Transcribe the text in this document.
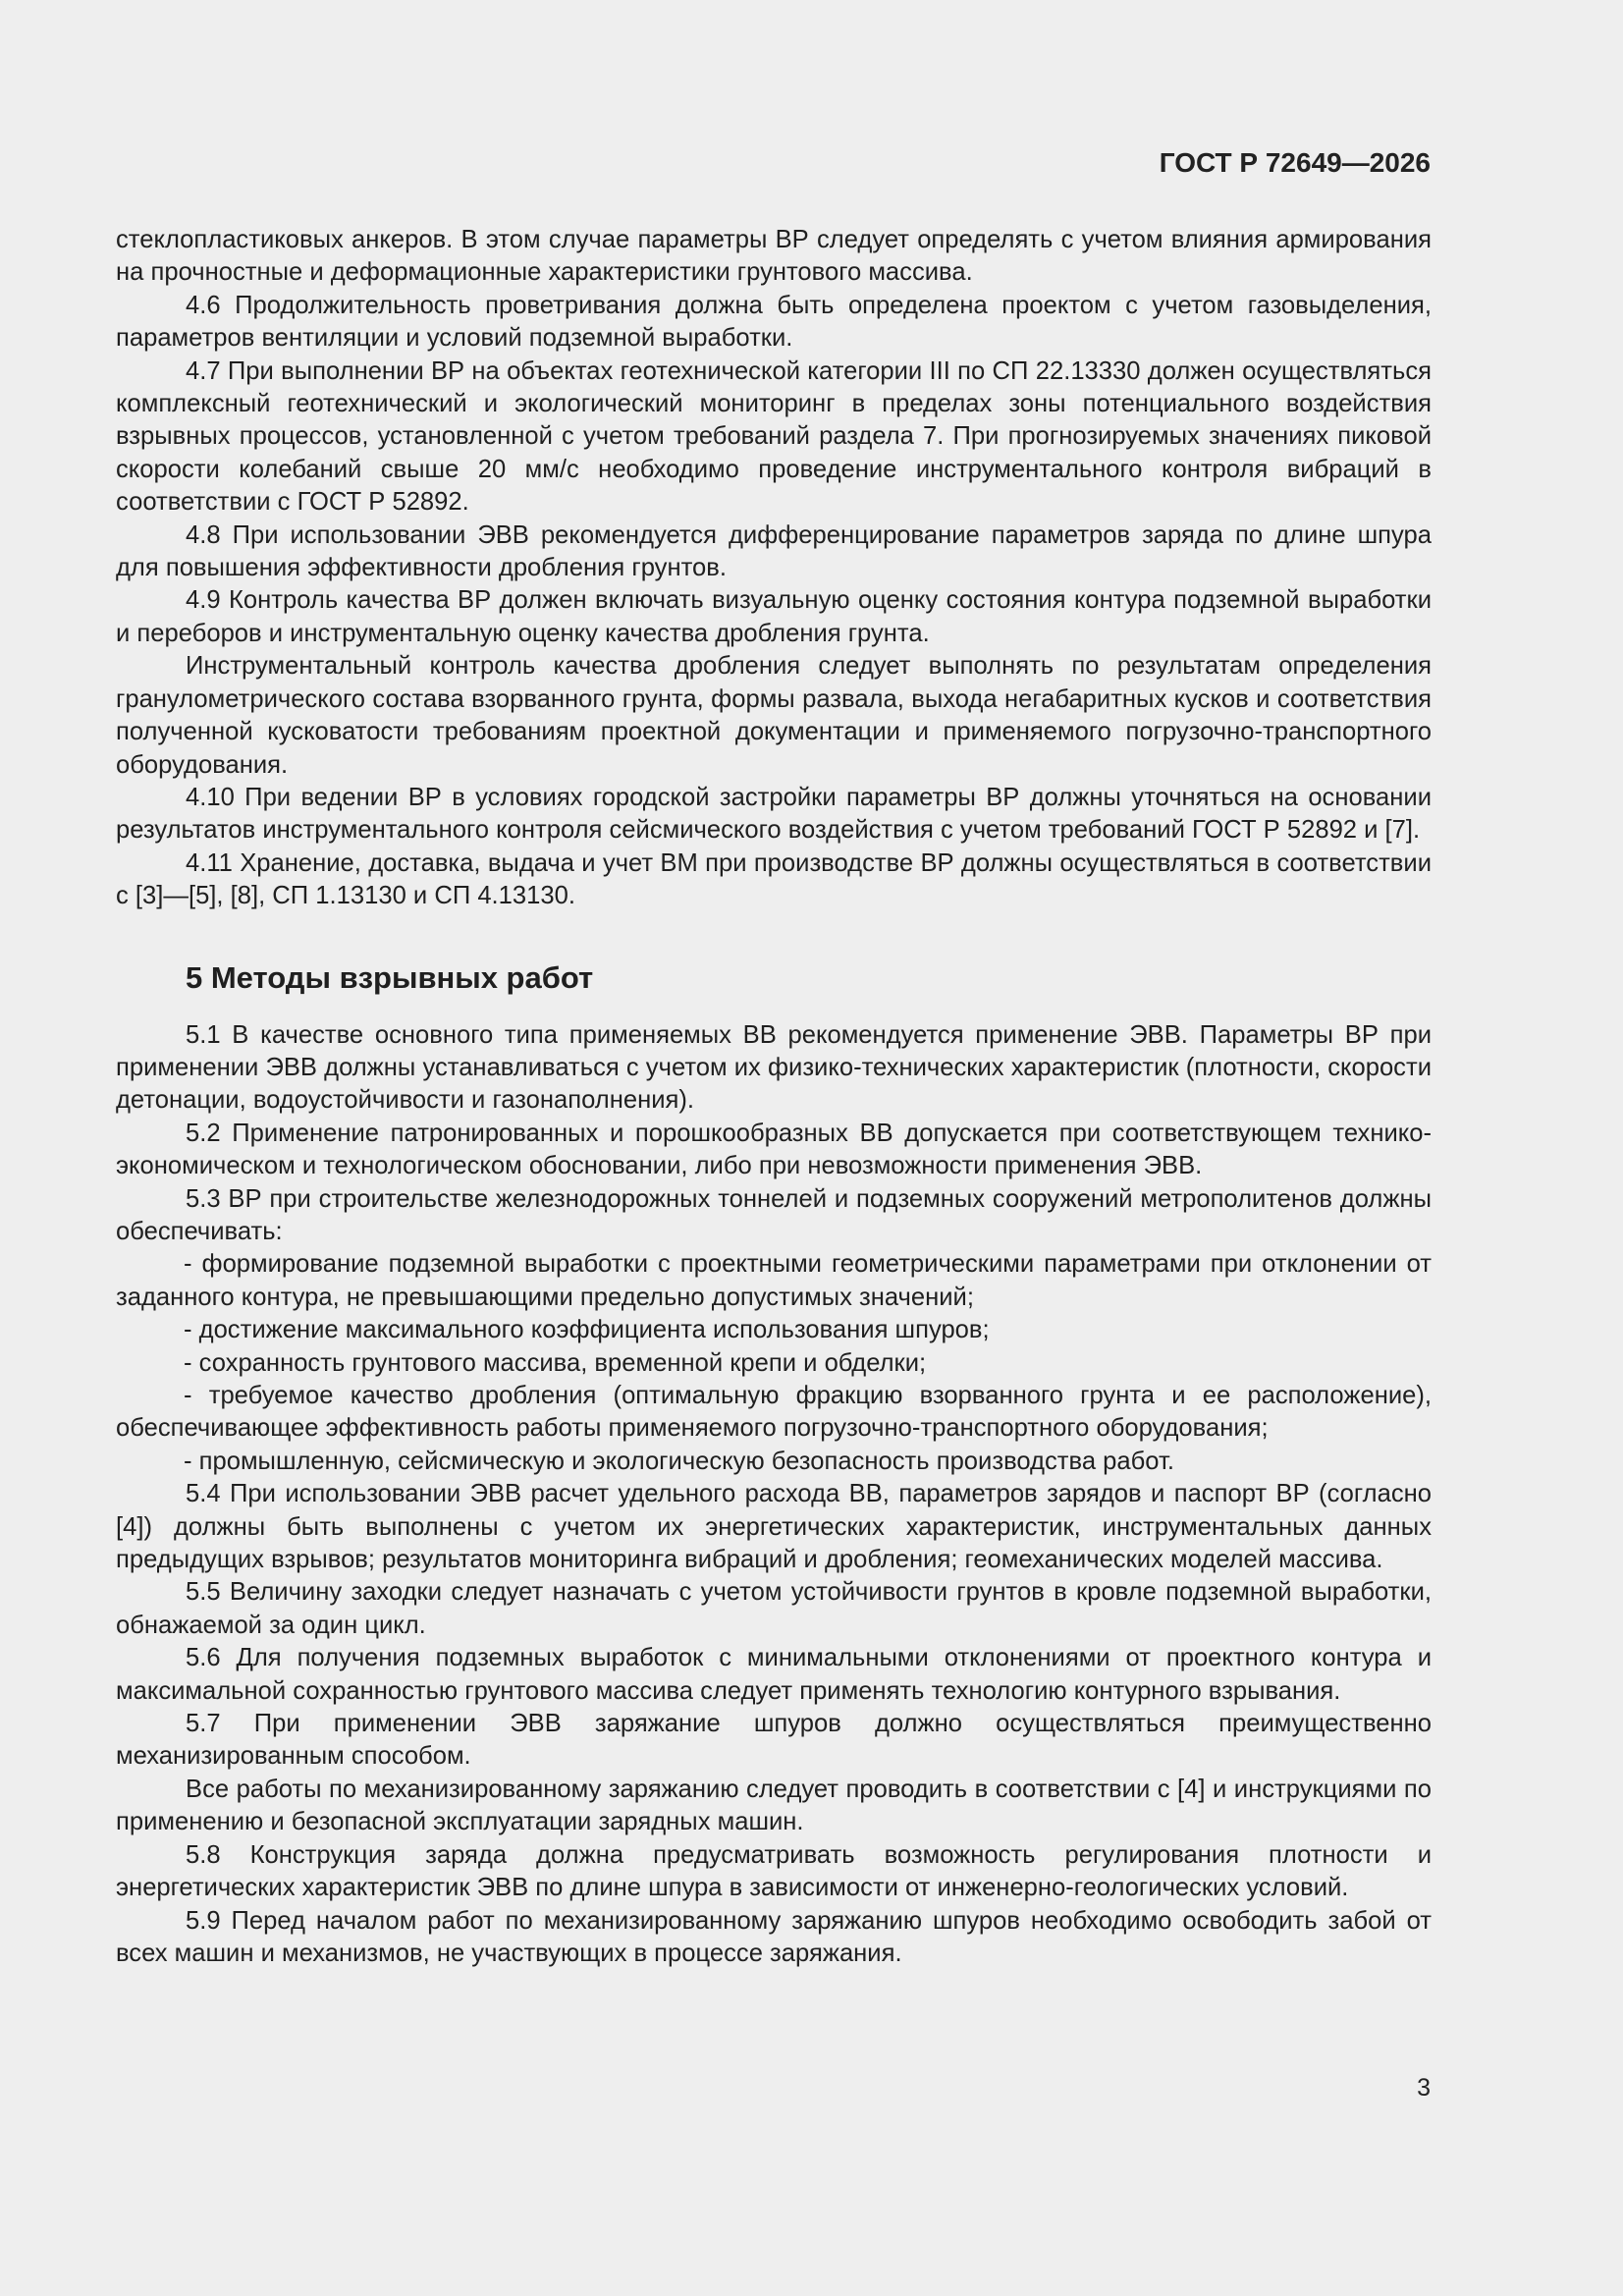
ГОСТ Р 72649—2026

стеклопластиковых анкеров. В этом случае параметры ВР следует определять с учетом влияния армирования на прочностные и деформационные характеристики грунтового массива.

4.6 Продолжительность проветривания должна быть определена проектом с учетом газовыделения, параметров вентиляции и условий подземной выработки.

4.7 При выполнении ВР на объектах геотехнической категории III по СП 22.13330 должен осуществляться комплексный геотехнический и экологический мониторинг в пределах зоны потенциального воздействия взрывных процессов, установленной с учетом требований раздела 7. При прогнозируемых значениях пиковой скорости колебаний свыше 20 мм/с необходимо проведение инструментального контроля вибраций в соответствии с ГОСТ Р 52892.

4.8 При использовании ЭВВ рекомендуется дифференцирование параметров заряда по длине шпура для повышения эффективности дробления грунтов.

4.9 Контроль качества ВР должен включать визуальную оценку состояния контура подземной выработки и переборов и инструментальную оценку качества дробления грунта.

Инструментальный контроль качества дробления следует выполнять по результатам определения гранулометрического состава взорванного грунта, формы развала, выхода негабаритных кусков и соответствия полученной кусковатости требованиям проектной документации и применяемого погрузочно-транспортного оборудования.

4.10 При ведении ВР в условиях городской застройки параметры ВР должны уточняться на основании результатов инструментального контроля сейсмического воздействия с учетом требований ГОСТ Р 52892 и [7].

4.11 Хранение, доставка, выдача и учет ВМ при производстве ВР должны осуществляться в соответствии с [3]—[5], [8], СП 1.13130 и СП 4.13130.

5 Методы взрывных работ

5.1 В качестве основного типа применяемых ВВ рекомендуется применение ЭВВ. Параметры ВР при применении ЭВВ должны устанавливаться с учетом их физико-технических характеристик (плотности, скорости детонации, водоустойчивости и газонаполнения).

5.2 Применение патронированных и порошкообразных ВВ допускается при соответствующем технико-экономическом и технологическом обосновании, либо при невозможности применения ЭВВ.

5.3 ВР при строительстве железнодорожных тоннелей и подземных сооружений метрополитенов должны обеспечивать:

- формирование подземной выработки с проектными геометрическими параметрами при отклонении от заданного контура, не превышающими предельно допустимых значений;

- достижение максимального коэффициента использования шпуров;

- сохранность грунтового массива, временной крепи и обделки;

- требуемое качество дробления (оптимальную фракцию взорванного грунта и ее расположение), обеспечивающее эффективность работы применяемого погрузочно-транспортного оборудования;

- промышленную, сейсмическую и экологическую безопасность производства работ.

5.4 При использовании ЭВВ расчет удельного расхода ВВ, параметров зарядов и паспорт ВР (согласно [4]) должны быть выполнены с учетом их энергетических характеристик, инструментальных данных предыдущих взрывов; результатов мониторинга вибраций и дробления; геомеханических моделей массива.

5.5 Величину заходки следует назначать с учетом устойчивости грунтов в кровле подземной выработки, обнажаемой за один цикл.

5.6 Для получения подземных выработок с минимальными отклонениями от проектного контура и максимальной сохранностью грунтового массива следует применять технологию контурного взрывания.

5.7 При применении ЭВВ заряжание шпуров должно осуществляться преимущественно механизированным способом.

Все работы по механизированному заряжанию следует проводить в соответствии с [4] и инструкциями по применению и безопасной эксплуатации зарядных машин.

5.8 Конструкция заряда должна предусматривать возможность регулирования плотности и энергетических характеристик ЭВВ по длине шпура в зависимости от инженерно-геологических условий.

5.9 Перед началом работ по механизированному заряжанию шпуров необходимо освободить забой от всех машин и механизмов, не участвующих в процессе заряжания.

3
